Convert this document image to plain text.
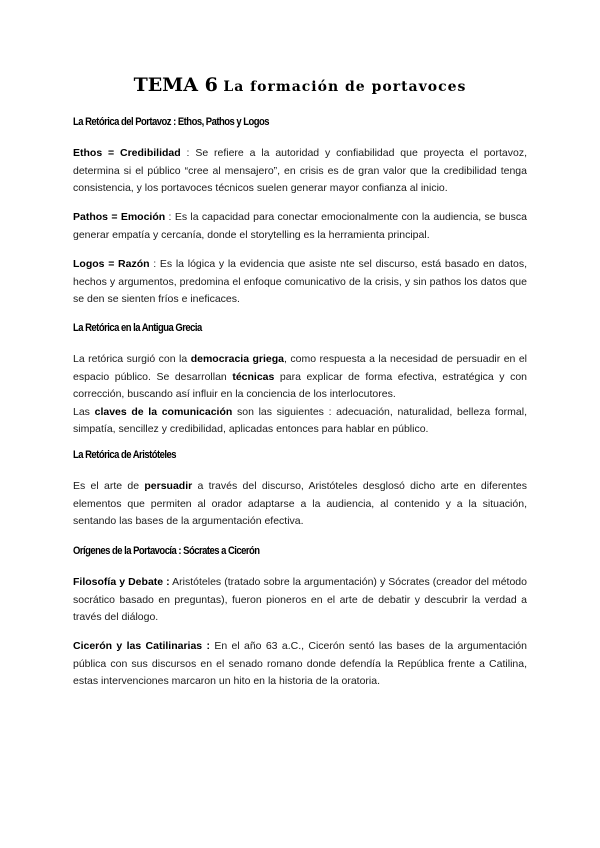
TEMA 6 La formación de portavoces
La Retórica del Portavoz : Ethos, Pathos y Logos
Ethos = Credibilidad : Se refiere a la autoridad y confiabilidad que proyecta el portavoz, determina si el público “cree al mensajero”, en crisis es de gran valor que la credibilidad tenga consistencia, y los portavoces técnicos suelen generar mayor confianza al inicio.
Pathos = Emoción : Es la capacidad para conectar emocionalmente con la audiencia, se busca generar empatía y cercanía, donde el storytelling es la herramienta principal.
Logos = Razón : Es la lógica y la evidencia que asiste nte sel discurso, está basado en datos, hechos y argumentos, predomina el enfoque comunicativo de la crisis, y sin pathos los datos que se den se sienten fríos e ineficaces.
La Retórica en la Antigua Grecia
La retórica surgió con la democracia griega, como respuesta a la necesidad de persuadir en el espacio público. Se desarrollan técnicas para explicar de forma efectiva, estratégica y con corrección, buscando así influir en la conciencia de los interlocutores.
Las claves de la comunicación son las siguientes : adecuación, naturalidad, belleza formal, simpatía, sencillez y credibilidad, aplicadas entonces para hablar en público.
La Retórica de Aristóteles
Es el arte de persuadir a través del discurso, Aristóteles desglosó dicho arte en diferentes elementos que permiten al orador adaptarse a la audiencia, al contenido y a la situación, sentando las bases de la argumentación efectiva.
Orígenes de la Portavocía : Sócrates a Cicerón
Filosofía y Debate : Aristóteles (tratado sobre la argumentación) y Sócrates (creador del método socrático basado en preguntas), fueron pioneros en el arte de debatir y descubrir la verdad a través del diálogo.
Cicerón y las Catilinarias : En el año 63 a.C., Cicerón sentó las bases de la argumentación pública con sus discursos en el senado romano donde defendía la República frente a Catilina, estas intervenciones marcaron un hito en la historia de la oratoria.
